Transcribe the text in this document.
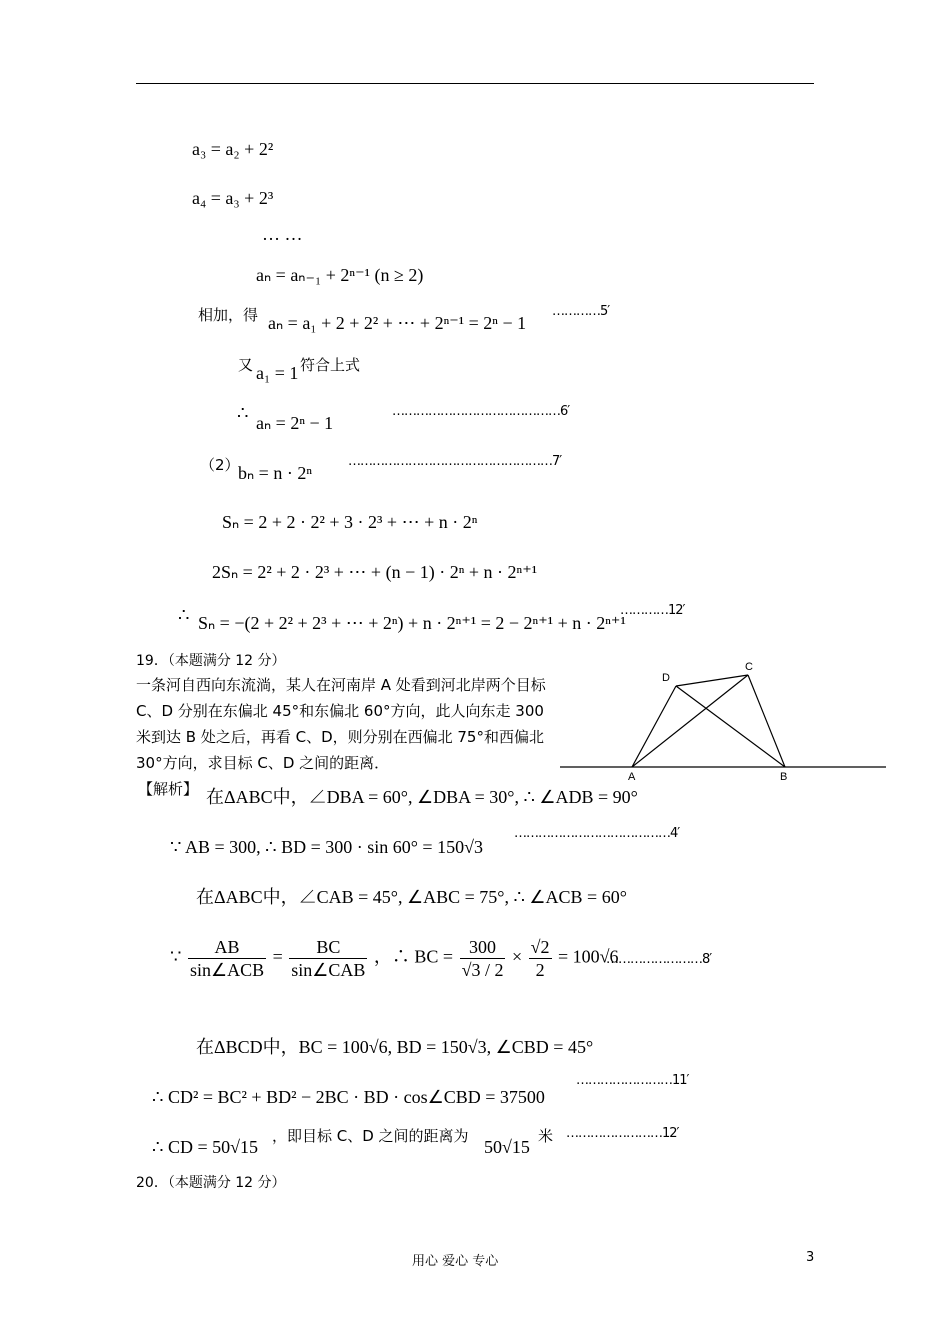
a₃ = a₂ + 2²
a₄ = a₃ + 2³
… …
aₙ = aₙ₋₁ + 2ⁿ⁻¹ (n ≥ 2)
相加，得 aₙ = a₁ + 2 + 2² + ⋯ + 2ⁿ⁻¹ = 2ⁿ − 1
…………5′
又 a₁ = 1 符合上式
∴ aₙ = 2ⁿ − 1
……………………………………6′
（2）
bₙ = n · 2ⁿ
……………………………………………7′
Sₙ = 2 + 2 · 2² + 3 · 2³ + ⋯ + n · 2ⁿ
2Sₙ = 2² + 2 · 2³ + ⋯ + (n − 1) · 2ⁿ + n · 2ⁿ⁺¹
∴ Sₙ = −(2 + 2² + 2³ + ⋯ + 2ⁿ) + n · 2ⁿ⁺¹ = 2 − 2ⁿ⁺¹ + n · 2ⁿ⁺¹
…………12′
19．（本题满分 12 分）
一条河自西向东流淌，某人在河南岸 A 处看到河北岸两个目标 C、D 分别在东偏北 45°和东偏北 60°方向，此人向东走 300 米到达 B 处之后，再看 C、D，则分别在西偏北 75°和西偏北 30°方向，求目标 C、D 之间的距离．
A	B
C
D
【解析】 在ΔABC中，∠DBA = 60°, ∠DBA = 30°, ∴ ∠ADB = 90°
∵ AB = 300, ∴ BD = 300 · sin 60° = 150√3
…………………………………4′
在ΔABC中，∠CAB = 45°, ∠ABC = 75°, ∴ ∠ACB = 60°
∵ $\frac{AB}{\text{sin∠ACB}} = \frac{BC}{\text{sin∠CAB}}$ ，∴ BC = $\frac{300}{√3 / 2} \times \frac{√2}{2} = 100√6$
……………………8′
在ΔBCD中，BC = 100√6, BD = 150√3, ∠CBD = 45°
∴ CD² = BC² + BD² − 2BC · BD · cos∠CBD = 37500
……………………11′
∴ CD = 50√15
，即目标 C、D 之间的距离为
50√15
米 ……………………12′
20．（本题满分 12 分）
用心 爱心 专心	3
